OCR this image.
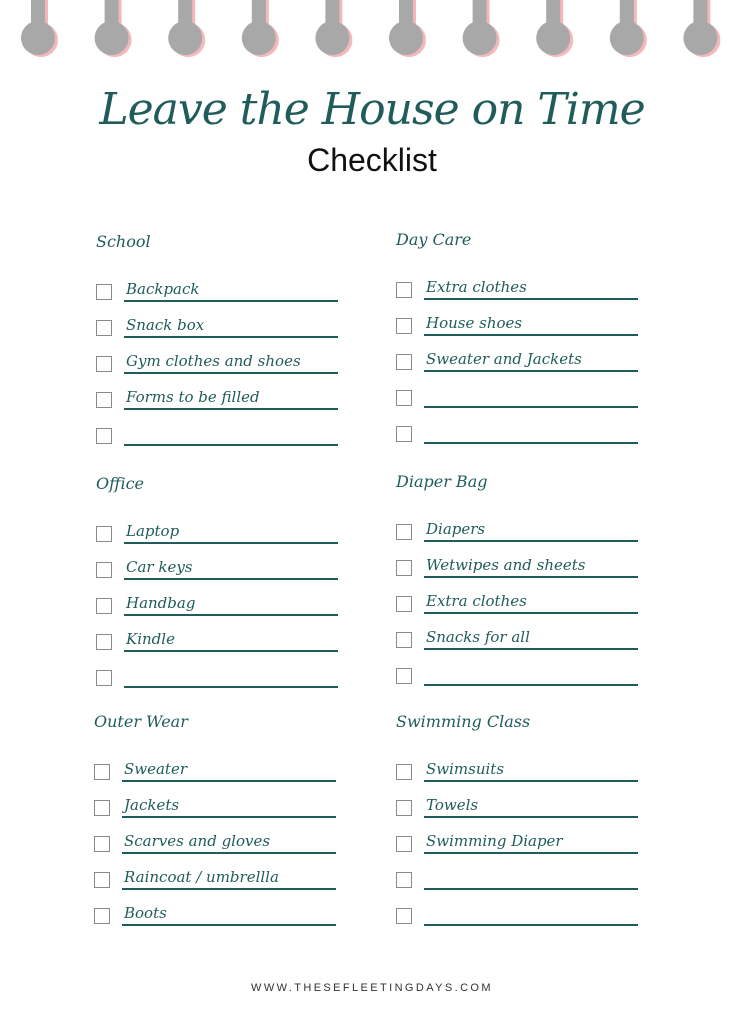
Leave the House on Time
Checklist
School
Backpack
Snack box
Gym clothes and shoes
Forms to be filled
Day Care
Extra clothes
House shoes
Sweater and Jackets
Office
Laptop
Car keys
Handbag
Kindle
Diaper Bag
Diapers
Wetwipes and sheets
Extra clothes
Snacks for all
Outer Wear
Sweater
Jackets
Scarves and gloves
Raincoat / umbrellla
Boots
Swimming Class
Swimsuits
Towels
Swimming Diaper
WWW.THESEFLEETINGDAYS.COM
